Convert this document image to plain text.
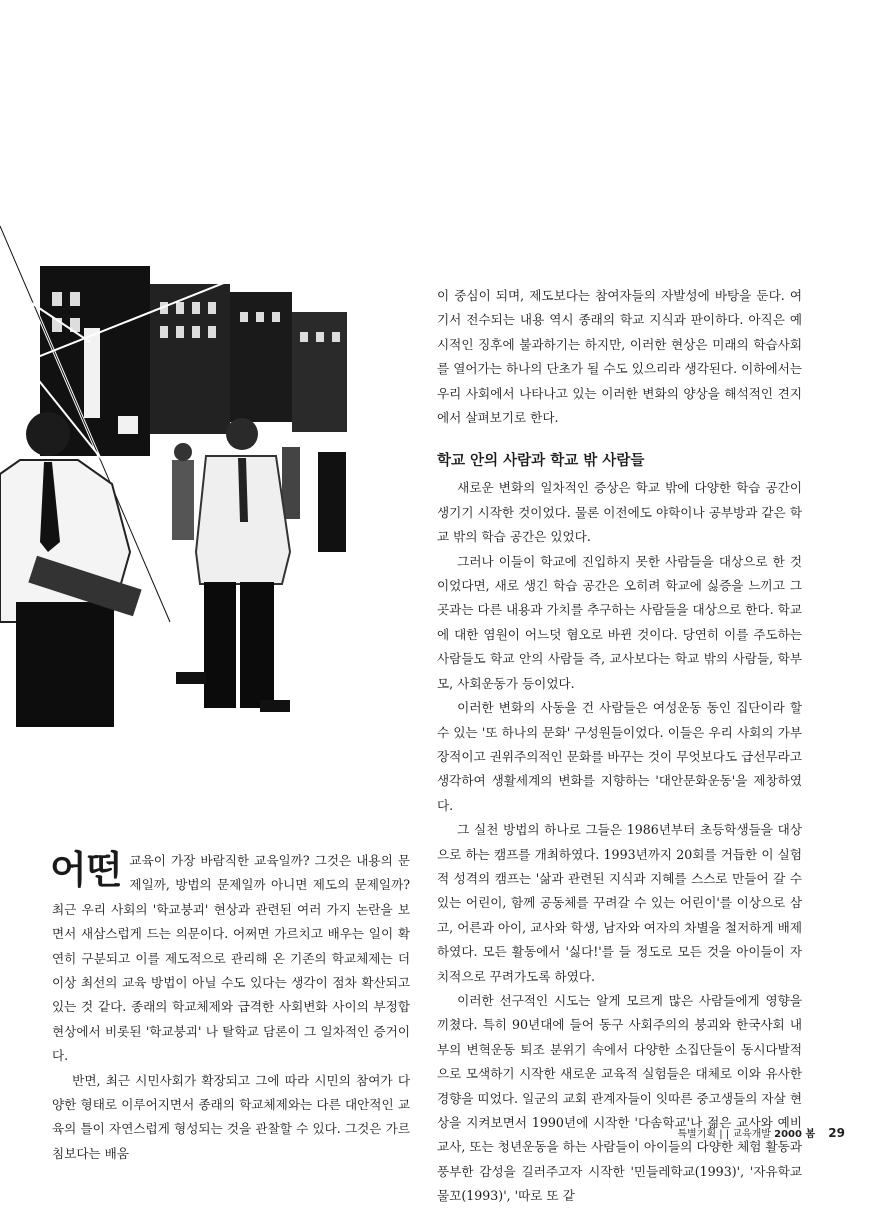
이 중심이 되며, 제도보다는 참여자들의 자발성에 바탕을 둔다. 여기서 전수되는 내용 역시 종래의 학교 지식과 판이하다. 아직은 예시적인 징후에 불과하기는 하지만, 이러한 현상은 미래의 학습사회를 열어가는 하나의 단초가 될 수도 있으리라 생각된다. 이하에서는 우리 사회에서 나타나고 있는 이러한 변화의 양상을 해석적인 견지에서 살펴보기로 한다.

학교 안의 사람과 학교 밖 사람들

새로운 변화의 일차적인 증상은 학교 밖에 다양한 학습 공간이 생기기 시작한 것이었다. 물론 이전에도 야학이나 공부방과 같은 학교 밖의 학습 공간은 있었다.

그러나 이들이 학교에 진입하지 못한 사람들을 대상으로 한 것이었다면, 새로 생긴 학습 공간은 오히려 학교에 싫증을 느끼고 그곳과는 다른 내용과 가치를 추구하는 사람들을 대상으로 한다. 학교에 대한 염원이 어느덧 혐오로 바뀐 것이다. 당연히 이를 주도하는 사람들도 학교 안의 사람들 즉, 교사보다는 학교 밖의 사람들, 학부모, 사회운동가 등이었다.

이러한 변화의 사동을 건 사람들은 여성운동 동인 집단이라 할 수 있는 '또 하나의 문화' 구성원들이었다. 이들은 우리 사회의 가부장적이고 권위주의적인 문화를 바꾸는 것이 무엇보다도 급선무라고 생각하여 생활세계의 변화를 지향하는 '대안문화운동'을 제창하였다.

그 실천 방법의 하나로 그들은 1986년부터 초등학생들을 대상으로 하는 캠프를 개최하였다. 1993년까지 20회를 거듭한 이 실험적 성격의 캠프는 '삶과 관련된 지식과 지혜를 스스로 만들어 갈 수 있는 어린이, 함께 공동체를 꾸려갈 수 있는 어린이'를 이상으로 삼고, 어른과 아이, 교사와 학생, 남자와 여자의 차별을 철저하게 배제하였다. 모든 활동에서 '싫다!'를 들 정도로 모든 것을 아이들이 자치적으로 꾸려가도록 하였다.

이러한 선구적인 시도는 알게 모르게 많은 사람들에게 영향을 끼쳤다. 특히 90년대에 들어 동구 사회주의의 붕괴와 한국사회 내부의 변혁운동 퇴조 분위기 속에서 다양한 소집단들이 동시다발적으로 모색하기 시작한 새로운 교육적 실험들은 대체로 이와 유사한 경향을 띠었다. 일군의 교회 관계자들이 잇따른 중고생들의 자살 현상을 지켜보면서 1990년에 시작한 '다솜학교'나 젊은 교사와 예비교사, 또는 청년운동을 하는 사람들이 아이들의 다양한 체험 활동과 풍부한 감성을 길러주고자 시작한 '민들레학교(1993)', '자유학교 물꼬(1993)', '따로 또 같

어떤 교육이 가장 바람직한 교육일까? 그것은 내용의 문제일까, 방법의 문제일까 아니면 제도의 문제일까? 최근 우리 사회의 '학교붕괴' 현상과 관련된 여러 가지 논란을 보면서 새삼스럽게 드는 의문이다. 어쩌면 가르치고 배우는 일이 확연히 구분되고 이를 제도적으로 관리해 온 기존의 학교체제는 더 이상 최선의 교육 방법이 아닐 수도 있다는 생각이 점차 확산되고 있는 것 같다. 종래의 학교체제와 급격한 사회변화 사이의 부정합 현상에서 비롯된 '학교붕괴' 나 탈학교 담론이 그 일차적인 증거이다.

반면, 최근 시민사회가 확장되고 그에 따라 시민의 참여가 다양한 형태로 이루어지면서 종래의 학교체제와는 다른 대안적인 교육의 틀이 자연스럽게 형성되는 것을 관찰할 수 있다. 그것은 가르침보다는 배움

특별기획 | | 교육개발 2000 봄 29
